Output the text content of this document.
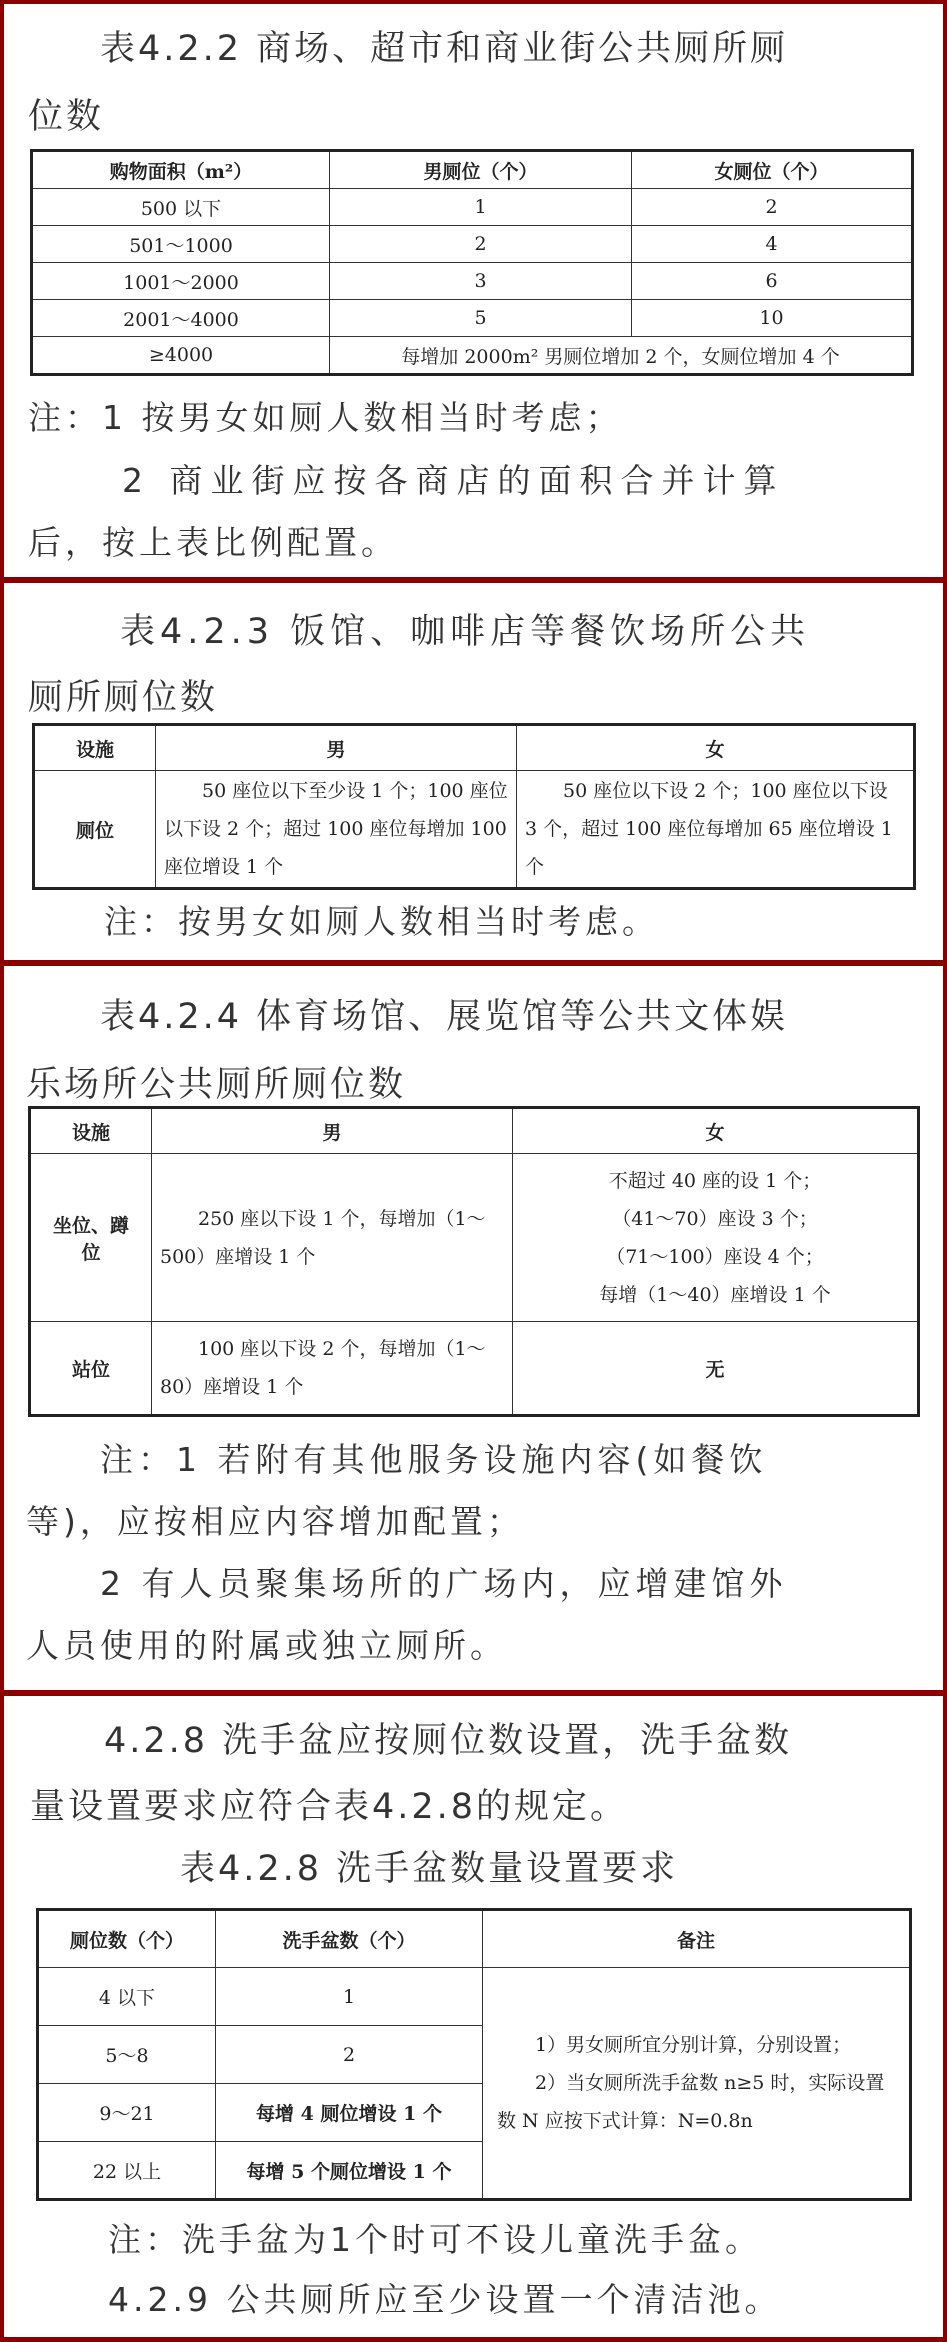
表4.2.2 商场、超市和商业街公共厕所厕
位数
购物面积（m²）	男厕位（个）	女厕位（个）
500 以下	1	2
501～1000	2	4
1001～2000	3	6
2001～4000	5	10
≥4000	每增加 2000m² 男厕位增加 2 个，女厕位增加 4 个	
注：1 按男女如厕人数相当时考虑；
2 商业街应按各商店的面积合并计算
后，按上表比例配置。
表4.2.3 饭馆、咖啡店等餐饮场所公共
厕所厕位数
设施	男	女
厕位	50 座位以下至少设 1 个；100 座位以下设 2 个；超过 100 座位每增加 100 座位增设 1 个	50 座位以下设 2 个；100 座位以下设 3 个，超过 100 座位每增加 65 座位增设 1 个
注：按男女如厕人数相当时考虑。
表4.2.4 体育场馆、展览馆等公共文体娱
乐场所公共厕所厕位数
设施	男	女
坐位、蹲位	250 座以下设 1 个，每增加（1～500）座增设 1 个	不超过 40 座的设 1 个；
（41～70）座设 3 个；
（71～100）座设 4 个；
每增（1～40）座增设 1 个

站位	100 座以下设 2 个，每增加（1～80）座增设 1 个	无
注：1 若附有其他服务设施内容(如餐饮
等)，应按相应内容增加配置；
2 有人员聚集场所的广场内，应增建馆外
人员使用的附属或独立厕所。
4.2.8 洗手盆应按厕位数设置，洗手盆数
量设置要求应符合表4.2.8的规定。
表4.2.8 洗手盆数量设置要求
厕位数（个）	洗手盆数（个）	备注
4 以下	1	1）男女厕所宜分别计算，分别设置；
2）当女厕所洗手盆数 n≥5 时，实际设置数 N 应按下式计算：N=0.8n

5～8	2	
9～21	每增 4 厕位增设 1 个	
22 以上	每增 5 个厕位增设 1 个	
注：洗手盆为1个时可不设儿童洗手盆。
4.2.9 公共厕所应至少设置一个清洁池。
